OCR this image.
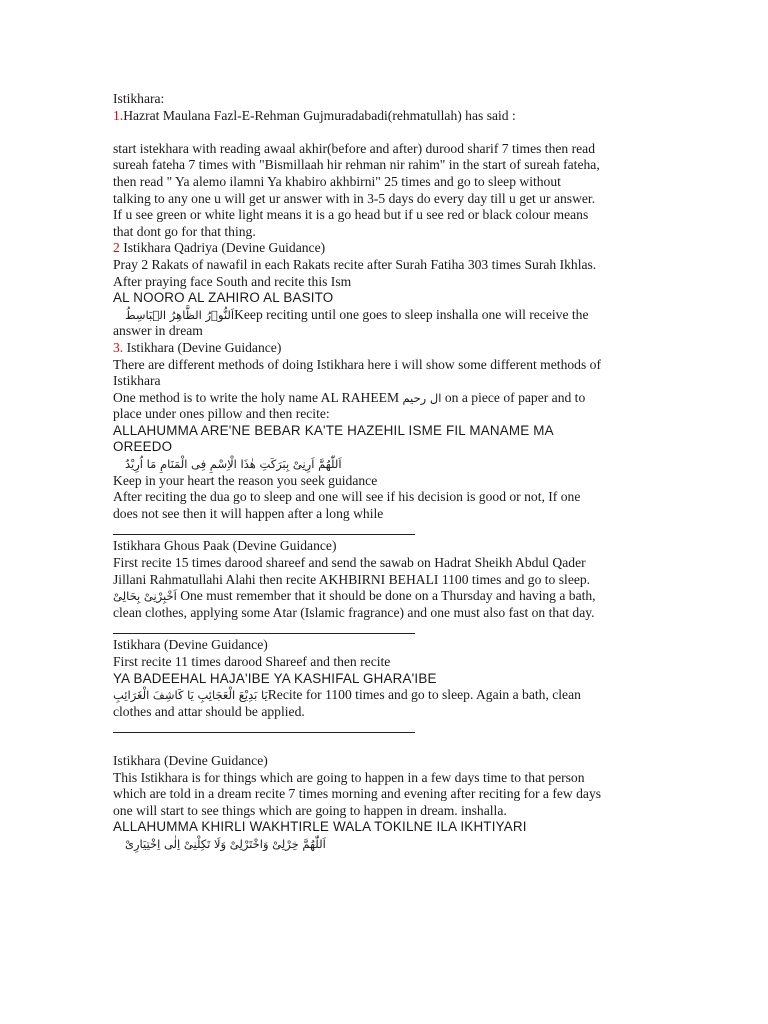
Istikhara:

1.Hazrat Maulana Fazl-E-Rehman Gujmuradabadi(rehmatullah) has said :

start istekhara with reading awaal akhir(before and after) durood sharif 7 times then read

sureah fateha 7 times with "Bismillaah hir rehman nir rahim" in the start of sureah fateha,

then read " Ya alemo ilamni Ya khabiro akhbirni" 25 times and go to sleep without

talking to any one u will get ur answer with in 3-5 days do every day till u get ur answer.

If u see green or white light means it is a go head but if u see red or black colour means

that dont go for that thing.

2 Istikhara Qadriya (Devine Guidance)

Pray 2 Rakats of nawafil in each Rakats recite after Surah Fatiha 303 times Surah Ikhlas.

After praying face South and recite this Ism

AL NOORO AL ZAHIRO AL BASITO

اَلنُّوۡرُ الظَّاهِرُ الۡبَاسِطُKeep reciting until one goes to sleep inshalla one will receive the

answer in dream

3. Istikhara (Devine Guidance)

There are different methods of doing Istikhara here i will show some different methods of

Istikhara

One method is to write the holy name AL RAHEEM ال رحیم on a piece of paper and to

place under ones pillow and then recite:

ALLAHUMMA ARE'NE BEBAR KA'TE HAZEHIL ISME FIL MANAME MA

OREEDO

اَللّٰهُمَّ اَرِنِیْ بِبَرَکَتِ هٰذَا الْاِسْمِ فِی الْمَنَامِ مَا اُرِيْدُ

Keep in your heart the reason you seek guidance

After reciting the dua go to sleep and one will see if his decision is good or not, If one

does not see then it will happen after a long while

Istikhara Ghous Paak (Devine Guidance)

First recite 15 times darood shareef and send the sawab on Hadrat Sheikh Abdul Qader

Jillani Rahmatullahi Alahi then recite AKHBIRNI BEHALI 1100 times and go to sleep.

اَخْبِرْنِیْ بِحَالِیْ One must remember that it should be done on a Thursday and having a bath,

clean clothes, applying some Atar (Islamic fragrance) and one must also fast on that day.

Istikhara (Devine Guidance)

First recite 11 times darood Shareef and then recite

YA BADEEHAL HAJA'IBE YA KASHIFAL GHARA'IBE

يَا بَدِيْعَ الْعَجَائِبِ يَا كَاشِفَ الْغَرَائِبِRecite for 1100 times and go to sleep. Again a bath, clean

clothes and attar should be applied.

Istikhara (Devine Guidance)

This Istikhara is for things which are going to happen in a few days time to that person

which are told in a dream recite 7 times morning and evening after reciting for a few days

one will start to see things which are going to happen in dream. inshalla.

ALLAHUMMA KHIRLI WAKHTIRLE WALA TOKILNE ILA IKHTIYARI

اَللّٰهُمَّ خِرْلِیْ وَاخْتَرْلِیْ وَلَا تَكِلْنِیْ اِلٰی اِخْتِيَارِیْ
